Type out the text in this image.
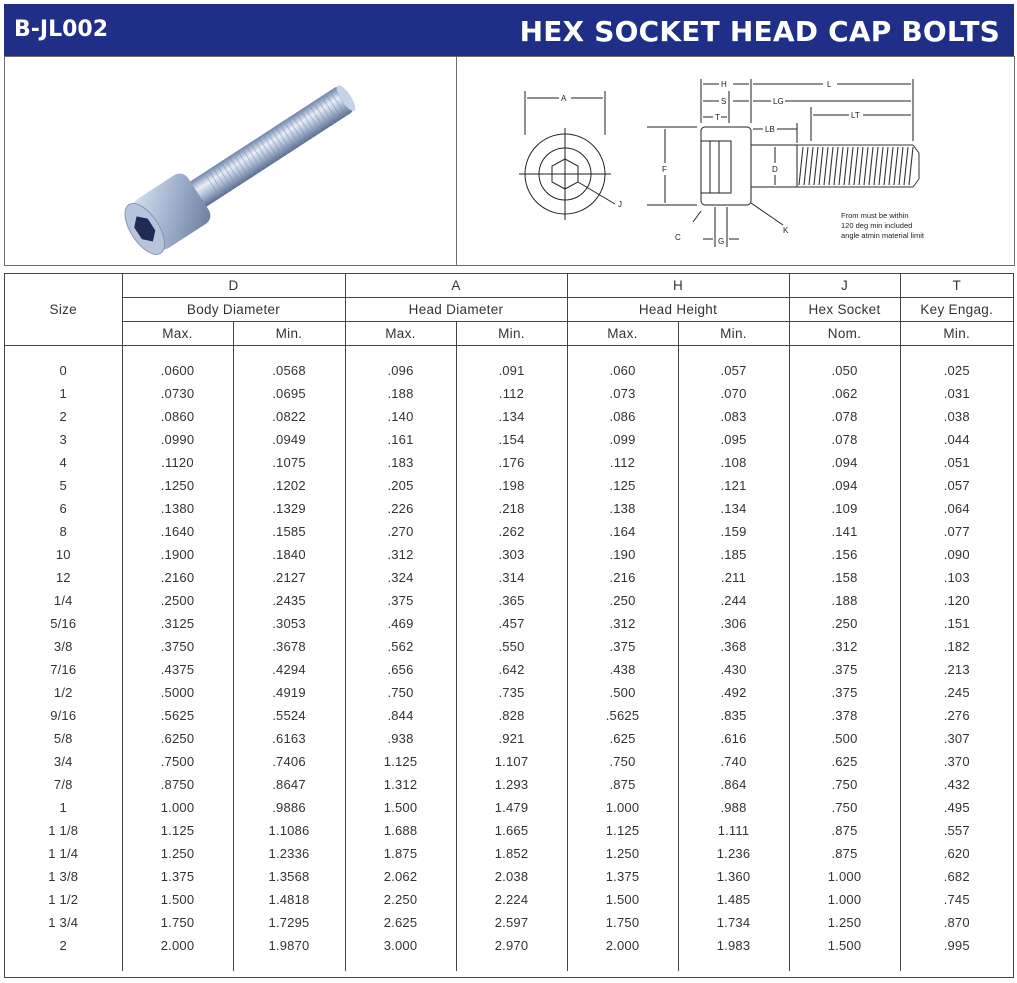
B-JL002	HEX SOCKET HEAD CAP BOLTS
A
J
H	L
S	LG
T	LT
LB
F	D
K
C	G
From must be within
120 deg min included
angle atmin material limit
Size	D		A		H		J	T
	Body Diameter		Head Diameter		Head Height		Hex Socket	Key Engag.
	Max.	Min.	Max.	Min.	Max.	Min.	Nom.	Min.

0	.0600	.0568	.096	.091	.060	.057	.050	.025
1	.0730	.0695	.188	.112	.073	.070	.062	.031
2	.0860	.0822	.140	.134	.086	.083	.078	.038
3	.0990	.0949	.161	.154	.099	.095	.078	.044
4	.1120	.1075	.183	.176	.112	.108	.094	.051
5	.1250	.1202	.205	.198	.125	.121	.094	.057
6	.1380	.1329	.226	.218	.138	.134	.109	.064
8	.1640	.1585	.270	.262	.164	.159	.141	.077
10	.1900	.1840	.312	.303	.190	.185	.156	.090
12	.2160	.2127	.324	.314	.216	.211	.158	.103
1/4	.2500	.2435	.375	.365	.250	.244	.188	.120
5/16	.3125	.3053	.469	.457	.312	.306	.250	.151
3/8	.3750	.3678	.562	.550	.375	.368	.312	.182
7/16	.4375	.4294	.656	.642	.438	.430	.375	.213
1/2	.5000	.4919	.750	.735	.500	.492	.375	.245
9/16	.5625	.5524	.844	.828	.5625	.835	.378	.276
5/8	.6250	.6163	.938	.921	.625	.616	.500	.307
3/4	.7500	.7406	1.125	1.107	.750	.740	.625	.370
7/8	.8750	.8647	1.312	1.293	.875	.864	.750	.432
1	1.000	.9886	1.500	1.479	1.000	.988	.750	.495
1 1/8	1.125	1.1086	1.688	1.665	1.125	1.111	.875	.557
1 1/4	1.250	1.2336	1.875	1.852	1.250	1.236	.875	.620
1 3/8	1.375	1.3568	2.062	2.038	1.375	1.360	1.000	.682
1 1/2	1.500	1.4818	2.250	2.224	1.500	1.485	1.000	.745
1 3/4	1.750	1.7295	2.625	2.597	1.750	1.734	1.250	.870
2	2.000	1.9870	3.000	2.970	2.000	1.983	1.500	.995
